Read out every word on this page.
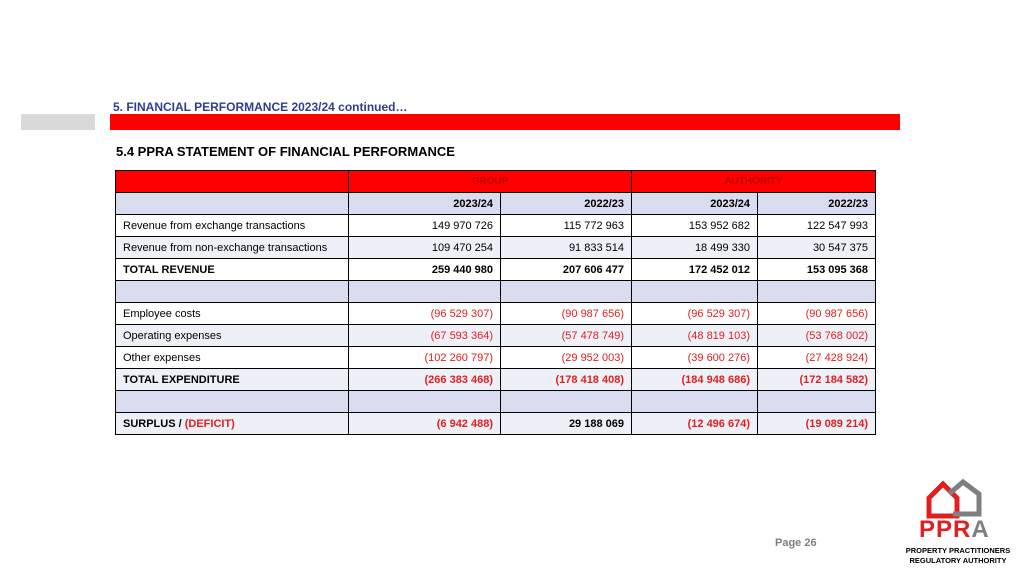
5. FINANCIAL PERFORMANCE 2023/24 continued…
5.4 PPRA STATEMENT OF FINANCIAL PERFORMANCE
	GROUP		AUTHORITY	
	2023/24	2022/23	2023/24	2022/23
Revenue from exchange transactions	149 970 726	115 772 963	153 952 682	122 547 993
Revenue from non-exchange transactions	109 470 254	91 833 514	18 499 330	30 547 375
TOTAL REVENUE	259 440 980	207 606 477	172 452 012	153 095 368

Employee costs	(96 529 307)	(90 987 656)	(96 529 307)	(90 987 656)
Operating expenses	(67 593 364)	(57 478 749)	(48 819 103)	(53 768 002)
Other expenses	(102 260 797)	(29 952 003)	(39 600 276)	(27 428 924)
TOTAL EXPENDITURE	(266 383 468)	(178 418 408)	(184 948 686)	(172 184 582)

SURPLUS / (DEFICIT)	(6 942 488)	29 188 069	(12 496 674)	(19 089 214)
Page 26	PPRA
PROPERTY PRACTITIONERS
REGULATORY AUTHORITY
